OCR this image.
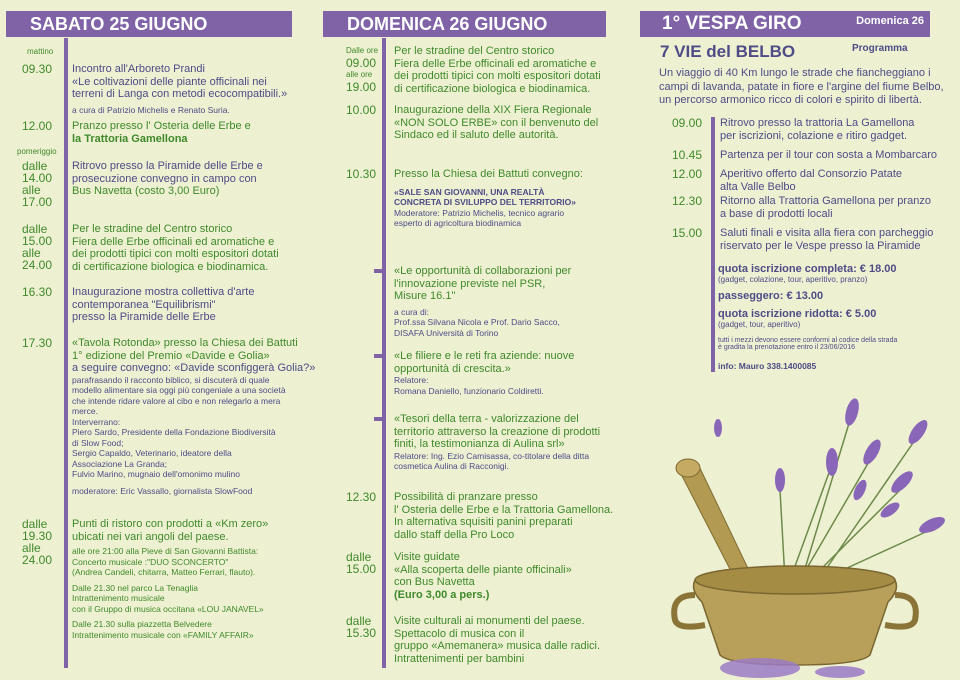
SABATO 25 GIUGNO
mattino
pomeriggio
Incontro all'Arboreto Prandi
«Le coltivazioni delle piante officinali nei
terreni di Langa con metodi ecocompatibili.»
a cura di Patrizio Michelis e Renato Suria.
09.30
Pranzo presso l' Osteria delle Erbe e
la Trattoria Gamellona
12.00
Ritrovo presso la Piramide delle Erbe e
prosecuzione convegno in campo con
Bus Navetta (costo 3,00 Euro)
dalle
14.00
alle
17.00
Per le stradine del Centro storico
Fiera delle Erbe officinali ed aromatiche e
dei prodotti tipici con molti espositori dotati
di certificazione biologica e biodinamica.
dalle
15.00
alle
24.00
Inaugurazione mostra collettiva d'arte
contemporanea "Equilibrismi"
presso la Piramide delle Erbe
16.30
«Tavola Rotonda» presso la Chiesa dei Battuti
1° edizione del Premio «Davide e Golia»
a seguire convegno: «Davide sconfiggerà Golia?»
parafrasando il racconto biblico, si discuterà di quale
modello alimentare sia oggi più congeniale a una società
che intende ridare valore al cibo e non relegarlo a mera
merce.
Interverrano:
Piero Sardo, Presidente della Fondazione Biodiversità
di Slow Food;
Sergio Capaldo, Veterinario, ideatore della
Associazione La Granda;
Fulvio Marino, mugnaio dell'omonimo mulino
moderatore: Eric Vassallo, giornalista SlowFood
17.30
Punti di ristoro con prodotti a «Km zero»
ubicati nei vari angoli del paese.
alle ore 21:00 alla Pieve di San Giovanni Battista:
Concerto musicale :"DUO SCONCERTO"
(Andrea Candeli, chitarra, Matteo Ferrari, flauto).
Dalle 21.30 nel parco La Tenaglia
Intrattenimento musicale
con il Gruppo di musica occitana «LOU JANAVEL»
Dalle 21.30 sulla piazzetta Belvedere
Intrattenimento musicale con «FAMILY AFFAIR»
dalle
19.30
alle
24.00
DOMENICA 26 GIUGNO
Per le stradine del Centro storico
Fiera delle Erbe officinali ed aromatiche e
dei prodotti tipici con molti espositori dotati
di certificazione biologica e biodinamica.
Dalle ore
09.00
alle ore
19.00
Inaugurazione della XIX Fiera Regionale
«NON SOLO ERBE» con il benvenuto del
Sindaco ed il saluto delle autorità.
10.00
Presso la Chiesa dei Battuti convegno:
«SALE SAN GIOVANNI, UNA REALTÀ
CONCRETA DI SVILUPPO DEL TERRITORIO»
Moderatore: Patrizio Michelis, tecnico agrario
esperto di agricoltura biodinamica
10.30
«Le opportunità di collaborazioni per
l'innovazione previste nel PSR,
Misure 16.1"
a cura di:
Prof.ssa Silvana Nicola e Prof. Dario Sacco,
DISAFA Università di Torino
«Le filiere e le reti fra aziende: nuove
opportunità di crescita.»
Relatore:
Romana Daniello, funzionario Coldiretti.
«Tesori della terra - valorizzazione del
territorio attraverso la creazione di prodotti
finiti, la testimonianza di Aulina srl»
Relatore: Ing. Ezio Camisassa, co-titolare della ditta
cosmetica Aulina di Racconigi.
Possibilità di pranzare presso
l' Osteria delle Erbe e la Trattoria Gamellona.
In alternativa squisiti panini preparati
dallo staff della Pro Loco
12.30
Visite guidate
«Alla scoperta delle piante officinali»
con Bus Navetta
(Euro 3,00 a pers.)
dalle
15.00
Visite culturali ai monumenti del paese.
Spettacolo di musica con il
gruppo «Amemanera» musica dalle radici.
Intrattenimenti per bambini
dalle
15.30
1° VESPA GIRO	Domenica 26
7 VIE del BELBO	Programma
Un viaggio di 40 Km lungo le strade che fiancheggiano i
campi di lavanda, patate in fiore e l'argine del fiume Belbo,
un percorso armonico ricco di colori e spirito di libertà.
09.00 Ritrovo presso la trattoria La Gamellona
per iscrizioni, colazione e ritiro gadget.
10.45 Partenza per il tour con sosta a Mombarcaro
12.00 Aperitivo offerto dal Consorzio Patate
alta Valle Belbo
12.30 Ritorno alla Trattoria Gamellona per pranzo
a base di prodotti locali
15.00 Saluti finali e visita alla fiera con parcheggio
riservato per le Vespe presso la Piramide
quota iscrizione completa: € 18.00
(gadget, colazione, tour, aperitivo, pranzo)
passeggero: € 13.00
quota iscrizione ridotta: € 5.00
(gadget, tour, aperitivo)
tutti i mezzi devono essere conformi al codice della strada
è gradita la prenotazione entro il 23/06/2016
info: Mauro 338.1400085
